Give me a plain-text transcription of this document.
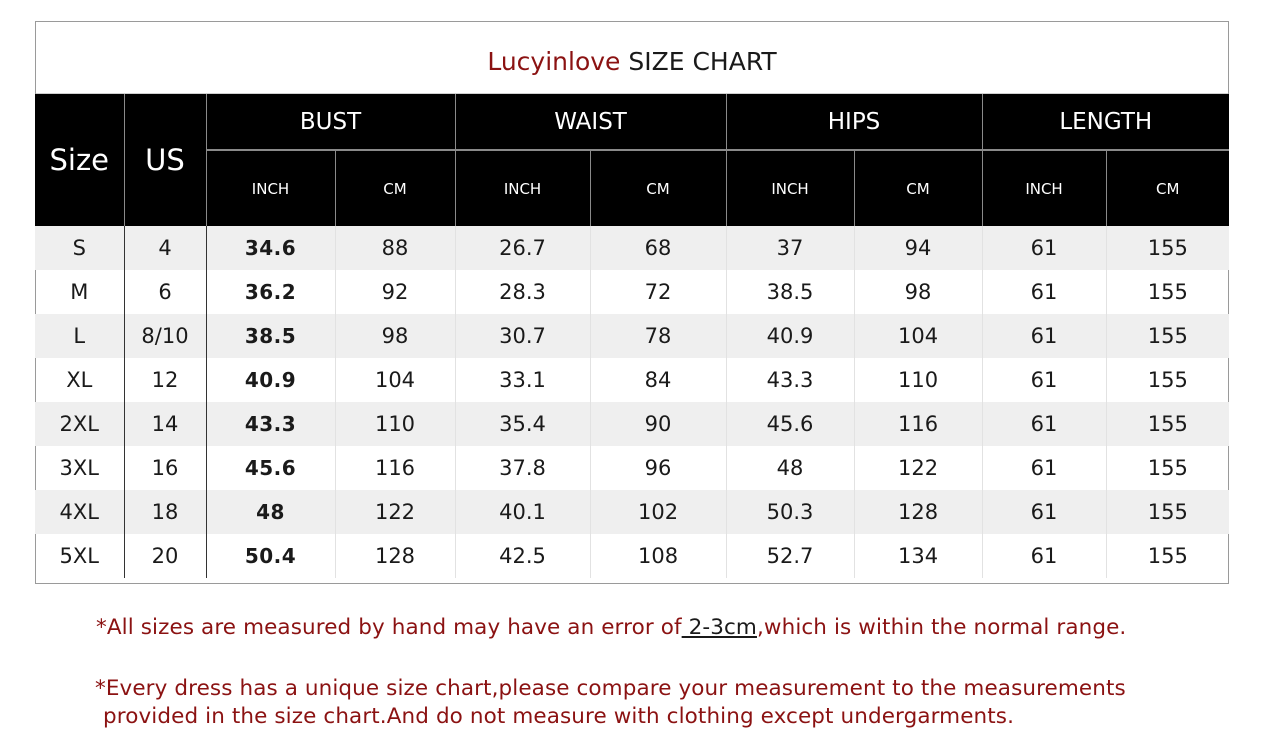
Lucyinlove SIZE CHART
Size	US	BUST		WAIST		HIPS		LENGTH	
		INCH	CM	INCH	CM	INCH	CM	INCH	CM
S	4	34.6	88	26.7	68	37	94	61	155
M	6	36.2	92	28.3	72	38.5	98	61	155
L	8/10	38.5	98	30.7	78	40.9	104	61	155
XL	12	40.9	104	33.1	84	43.3	110	61	155
2XL	14	43.3	110	35.4	90	45.6	116	61	155
3XL	16	45.6	116	37.8	96	48	122	61	155
4XL	18	48	122	40.1	102	50.3	128	61	155
5XL	20	50.4	128	42.5	108	52.7	134	61	155
*All sizes are measured by hand may have an error of 2-3cm,which is within the normal range.
*Every dress has a unique size chart,please compare your measurement to the measurements
provided in the size chart.And do not measure with clothing except undergarments.
